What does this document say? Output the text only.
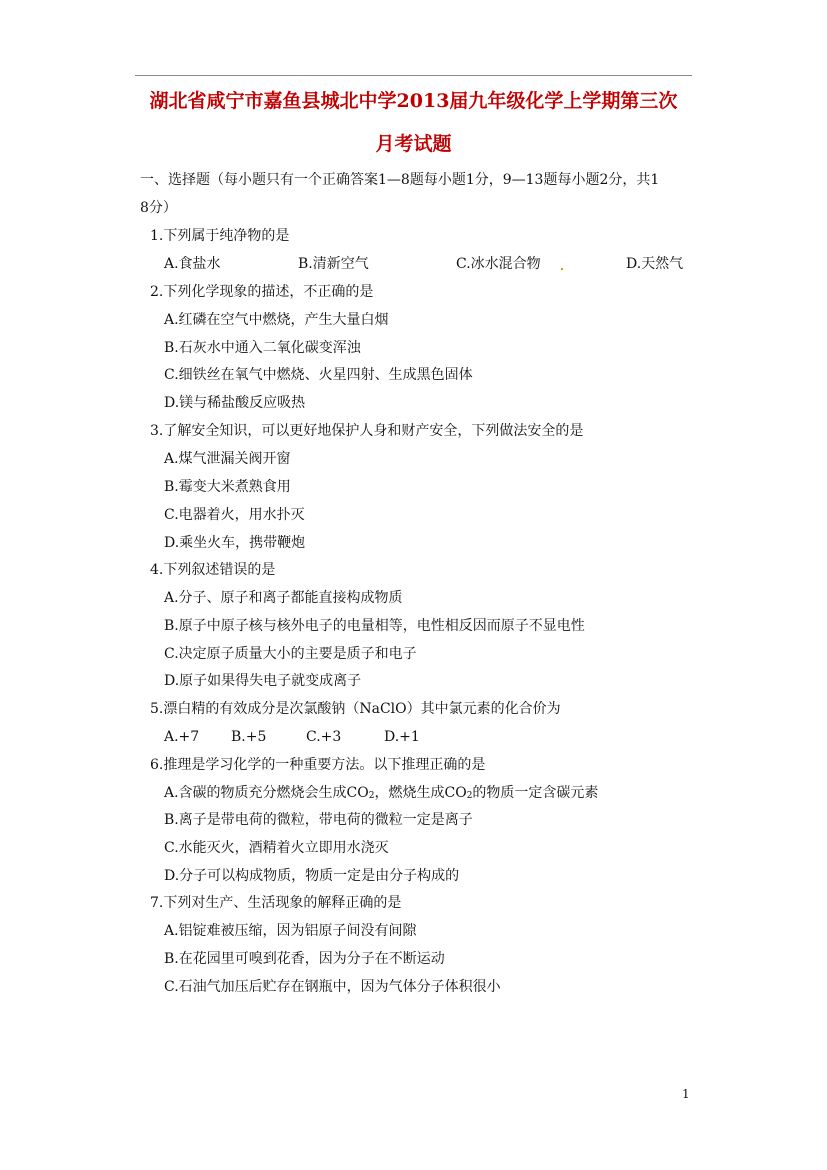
湖北省咸宁市嘉鱼县城北中学2013届九年级化学上学期第三次
月考试题
一、选择题（每小题只有一个正确答案1—8题每小题1分，9—13题每小题2分，共1
8分）
1.下列属于纯净物的是
A.食盐水	B.清新空气	C.冰水混合物	D.天然气
2.下列化学现象的描述，不正确的是
A.红磷在空气中燃烧，产生大量白烟
B.石灰水中通入二氧化碳变浑浊
C.细铁丝在氧气中燃烧、火星四射、生成黑色固体
D.镁与稀盐酸反应吸热
3.了解安全知识，可以更好地保护人身和财产安全，下列做法安全的是
A.煤气泄漏关阀开窗
B.霉变大米煮熟食用
C.电器着火，用水扑灭
D.乘坐火车，携带鞭炮
4.下列叙述错误的是
A.分子、原子和离子都能直接构成物质
B.原子中原子核与核外电子的电量相等，电性相反因而原子不显电性
C.决定原子质量大小的主要是质子和电子
D.原子如果得失电子就变成离子
5.漂白精的有效成分是次氯酸钠（NaClO）其中氯元素的化合价为
A.+7 B.+5	C.+3	D.+1
6.推理是学习化学的一种重要方法。以下推理正确的是
A.含碳的物质充分燃烧会生成$CO_2$，燃烧生成$CO_2$的物质一定含碳元素
B.离子是带电荷的微粒，带电荷的微粒一定是离子
C.水能灭火，酒精着火立即用水浇灭
D.分子可以构成物质，物质一定是由分子构成的
7.下列对生产、生活现象的解释正确的是
A.铝锭难被压缩，因为铝原子间没有间隙
B.在花园里可嗅到花香，因为分子在不断运动
C.石油气加压后贮存在钢瓶中，因为气体分子体积很小
1
